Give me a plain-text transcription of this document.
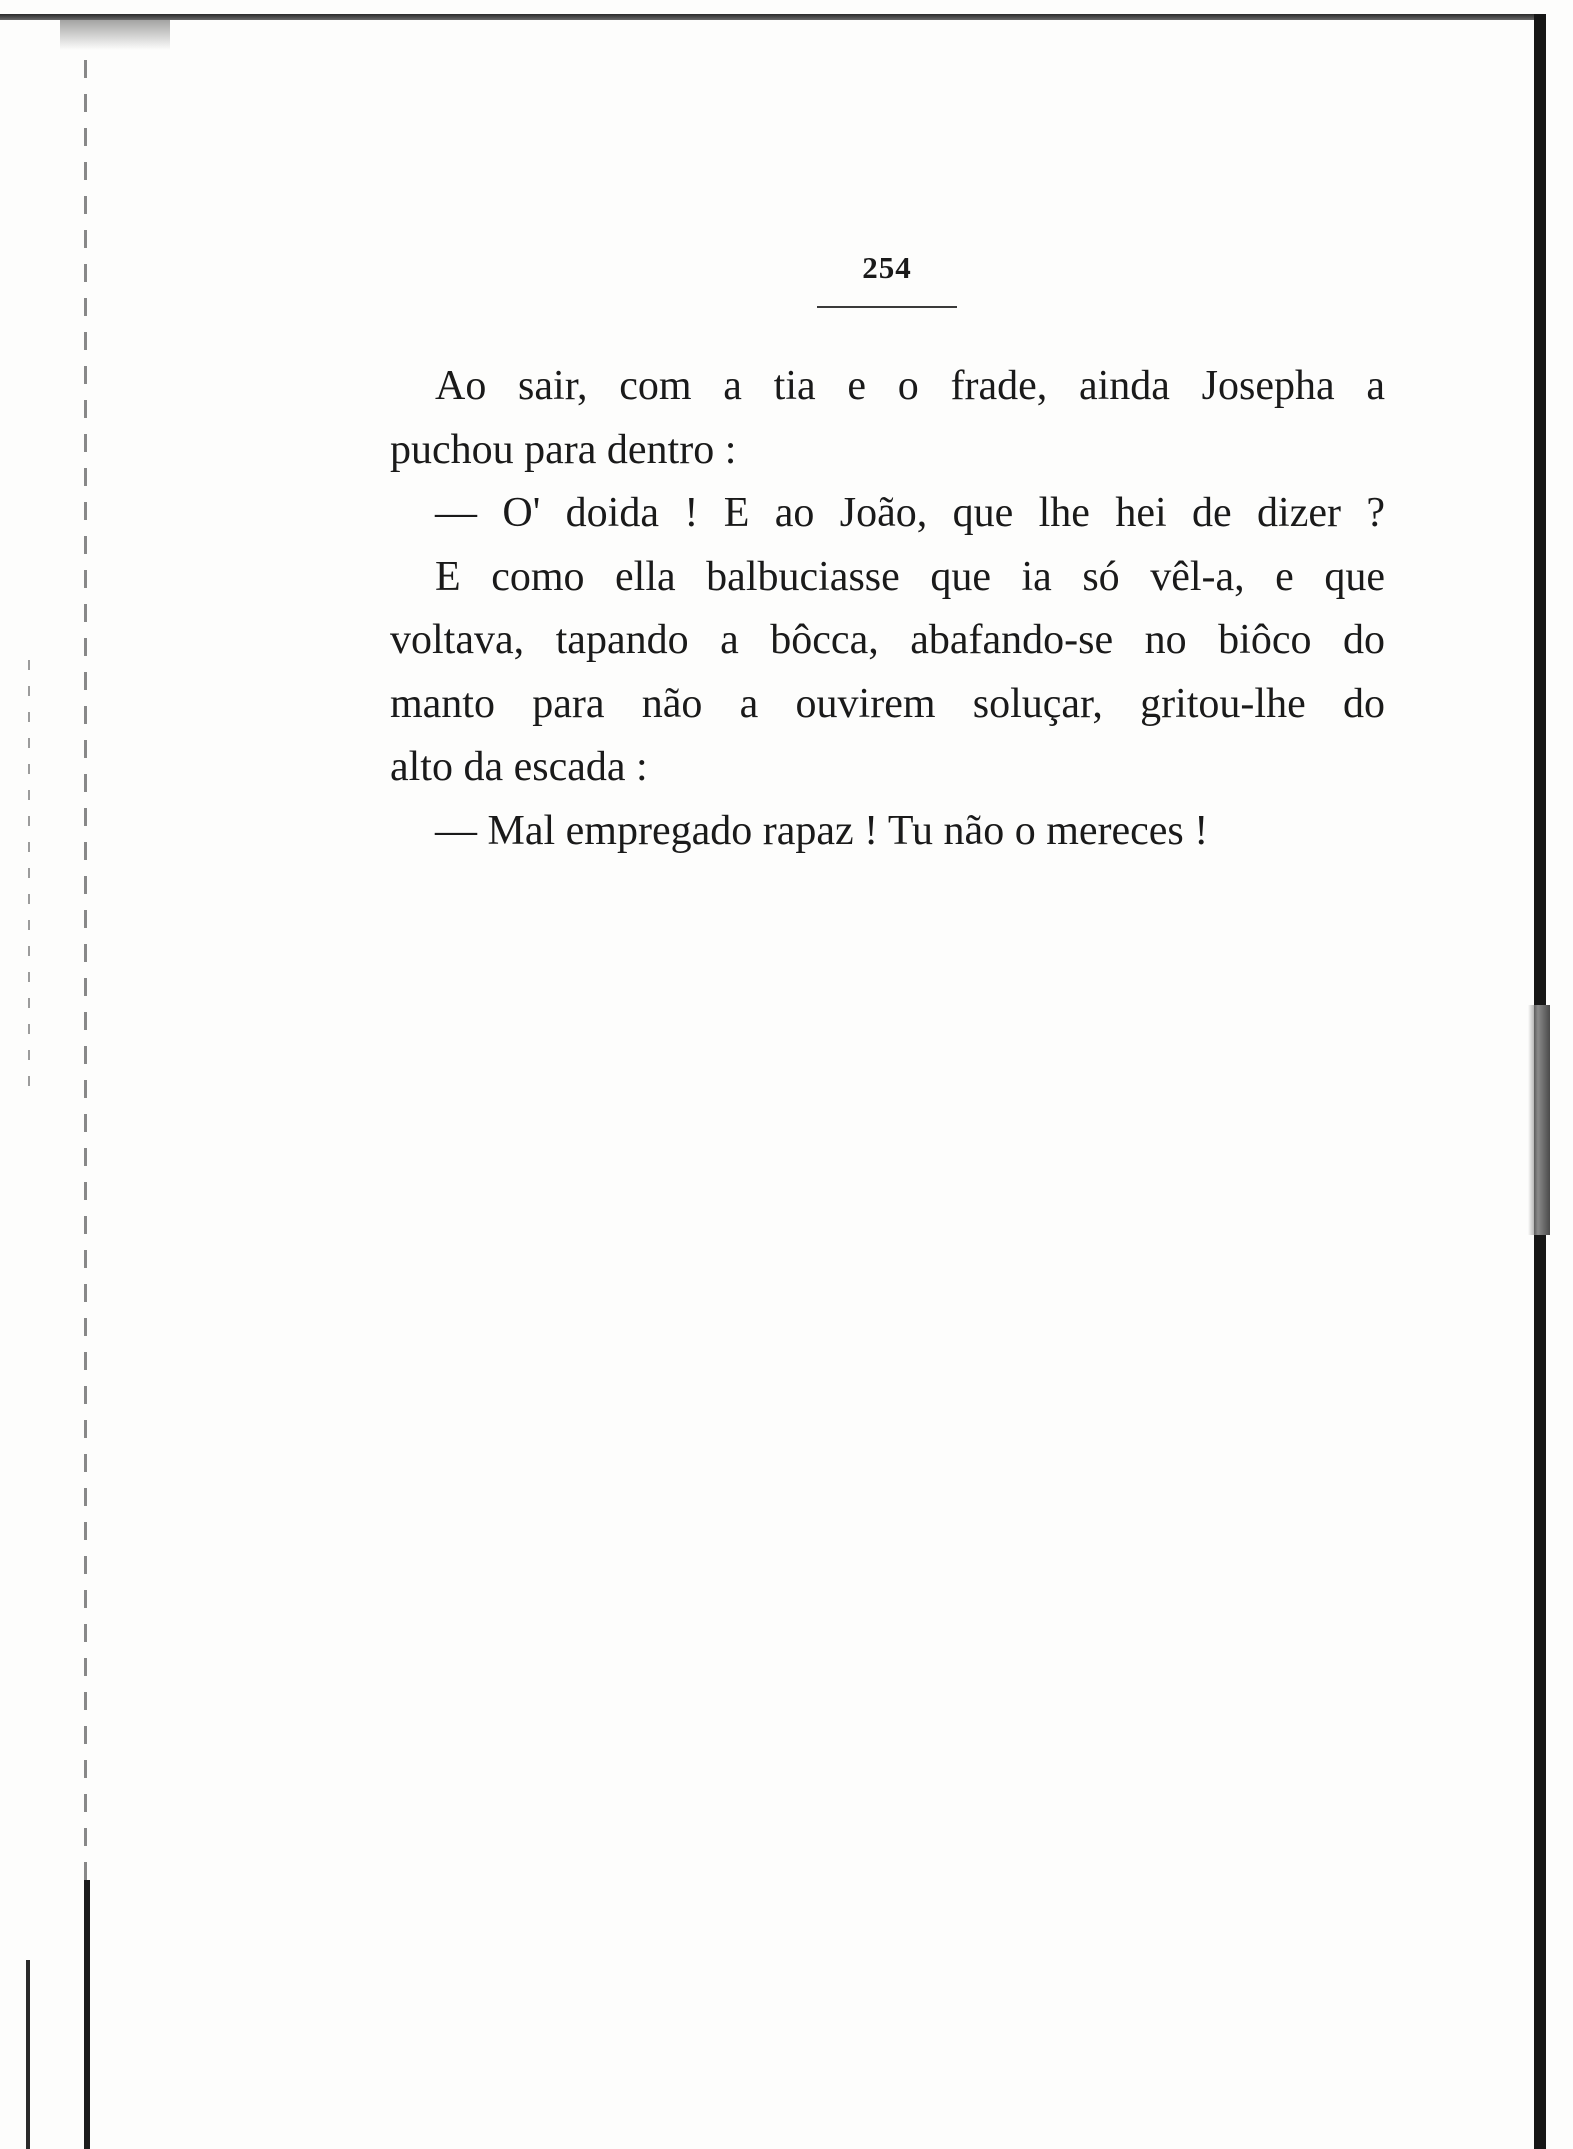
254
Ao sair, com a tia e o frade, ainda Josepha a
puchou para dentro :
— O' doida ! E ao João, que lhe hei de dizer ?
E como ella balbuciasse que ia só vêl-a, e que
voltava, tapando a bôcca, abafando-se no biôco do
manto para não a ouvirem soluçar, gritou-lhe do
alto da escada :
— Mal empregado rapaz ! Tu não o mereces !
